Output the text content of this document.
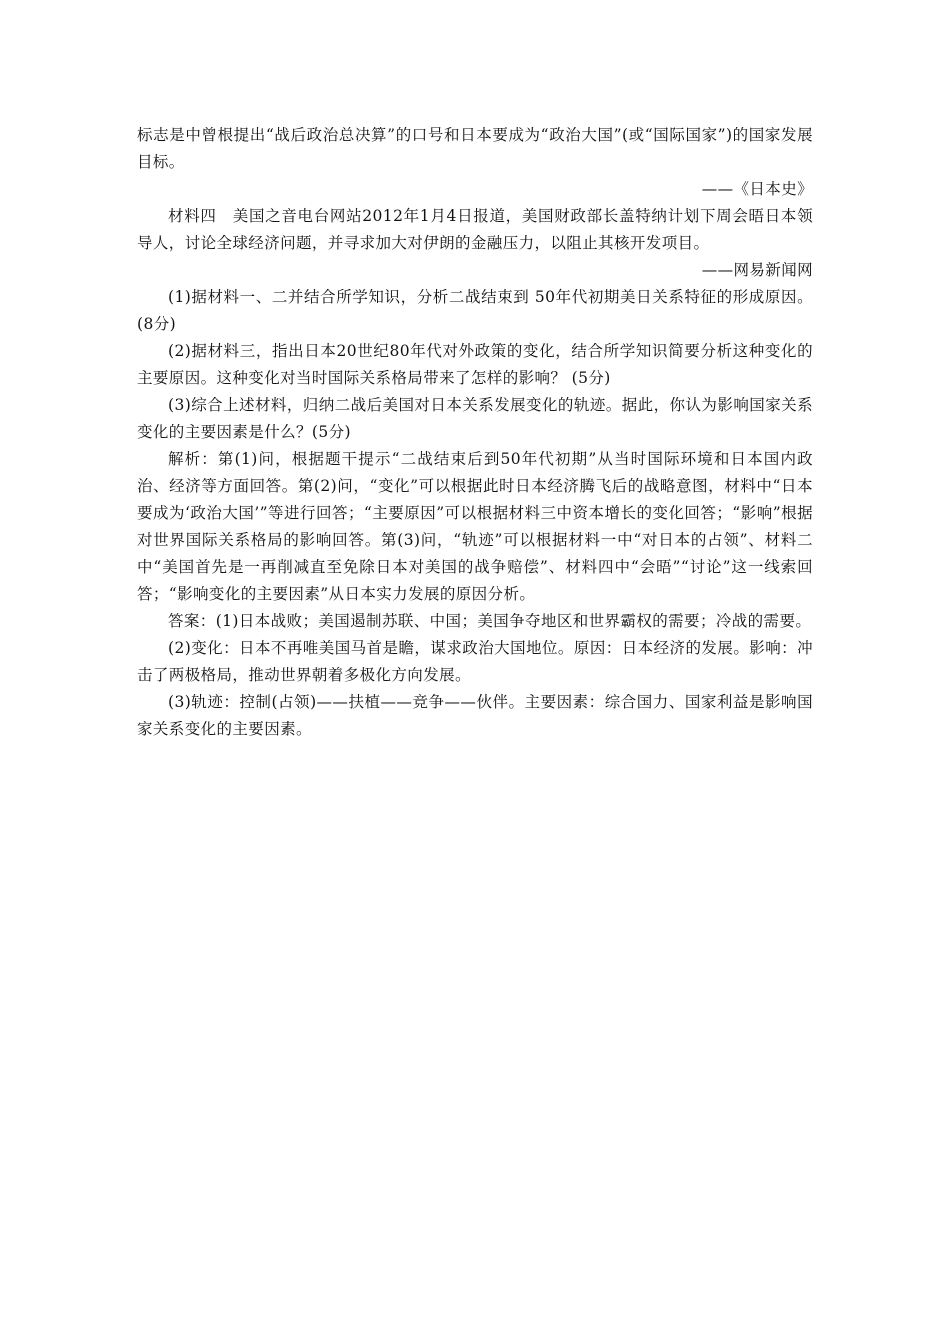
标志是中曾根提出“战后政治总决算”的口号和日本要成为“政治大国”(或“国际国家”)的国家发展目标。

——《日本史》

材料四　美国之音电台网站2012年1月4日报道，美国财政部长盖特纳计划下周会晤日本领导人，讨论全球经济问题，并寻求加大对伊朗的金融压力，以阻止其核开发项目。

——网易新闻网

(1)据材料一、二并结合所学知识，分析二战结束到 50年代初期美日关系特征的形成原因。(8分)

(2)据材料三，指出日本20世纪80年代对外政策的变化，结合所学知识简要分析这种变化的主要原因。这种变化对当时国际关系格局带来了怎样的影响？ (5分)

(3)综合上述材料，归纳二战后美国对日本关系发展变化的轨迹。据此，你认为影响国家关系变化的主要因素是什么？(5分)

解析：第(1)问，根据题干提示“二战结束后到50年代初期”从当时国际环境和日本国内政治、经济等方面回答。第(2)问，“变化”可以根据此时日本经济腾飞后的战略意图，材料中“日本要成为‘政治大国’”等进行回答；“主要原因”可以根据材料三中资本增长的变化回答；“影响”根据对世界国际关系格局的影响回答。第(3)问，“轨迹”可以根据材料一中“对日本的占领”、材料二中“美国首先是一再削减直至免除日本对美国的战争赔偿”、材料四中“会晤”“讨论”这一线索回答；“影响变化的主要因素”从日本实力发展的原因分析。

答案：(1)日本战败；美国遏制苏联、中国；美国争夺地区和世界霸权的需要；冷战的需要。

(2)变化：日本不再唯美国马首是瞻，谋求政治大国地位。原因：日本经济的发展。影响：冲击了两极格局，推动世界朝着多极化方向发展。

(3)轨迹：控制(占领)——扶植——竞争——伙伴。主要因素：综合国力、国家利益是影响国家关系变化的主要因素。
